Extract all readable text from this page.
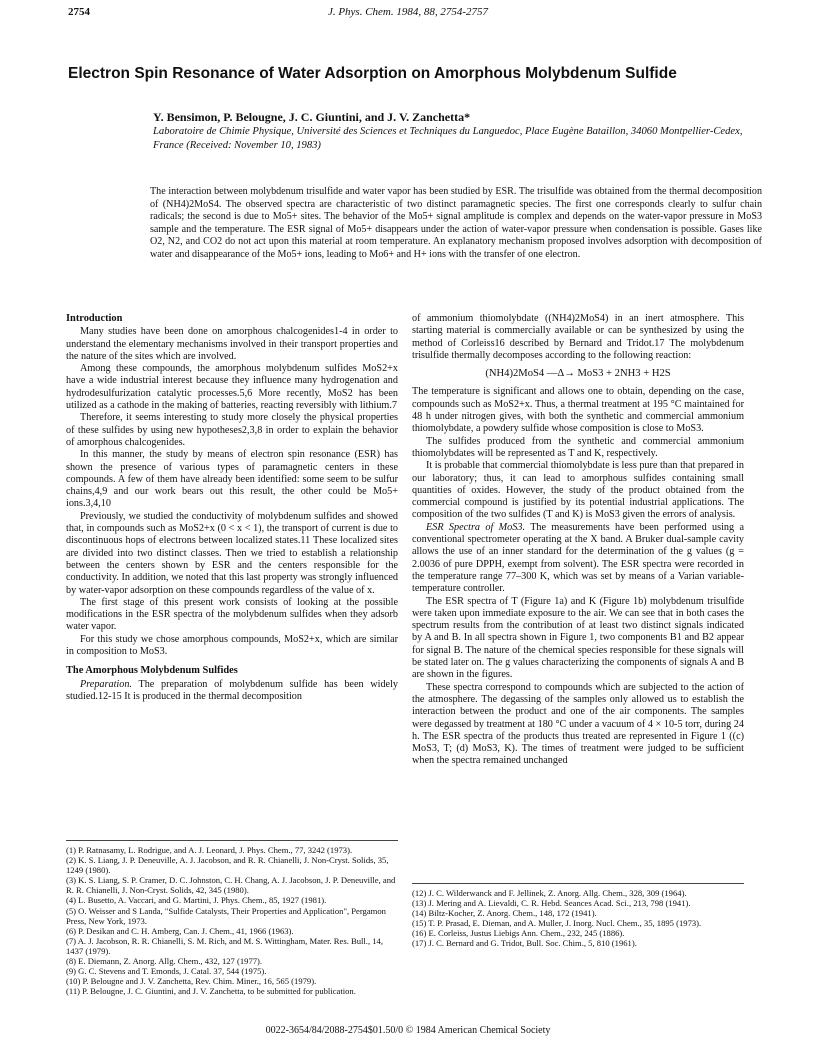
2754	J. Phys. Chem. 1984, 88, 2754-2757
Electron Spin Resonance of Water Adsorption on Amorphous Molybdenum Sulfide
Y. Bensimon, P. Belougne, J. C. Giuntini, and J. V. Zanchetta*
Laboratoire de Chimie Physique, Université des Sciences et Techniques du Languedoc, Place Eugène Bataillon, 34060 Montpellier-Cedex, France (Received: November 10, 1983)
The interaction between molybdenum trisulfide and water vapor has been studied by ESR. The trisulfide was obtained from the thermal decomposition of (NH4)2MoS4. The observed spectra are characteristic of two distinct paramagnetic species. The first one corresponds clearly to sulfur chain radicals; the second is due to Mo5+ sites. The behavior of the Mo5+ signal amplitude is complex and depends on the water-vapor pressure in MoS3 sample and the temperature. The ESR signal of Mo5+ disappears under the action of water-vapor pressure when condensation is possible. Gases like O2, N2, and CO2 do not act upon this material at room temperature. An explanatory mechanism proposed involves adsorption with decomposition of water and disappearance of the Mo5+ ions, leading to Mo6+ and H+ ions with the transfer of one electron.
Introduction

Many studies have been done on amorphous chalcogenides1-4 in order to understand the elementary mechanisms involved in their transport properties and the nature of the sites which are involved.

Among these compounds, the amorphous molybdenum sulfides MoS2+x have a wide industrial interest because they influence many hydrogenation and hydrodesulfurization catalytic processes.5,6 More recently, MoS2 has been utilized as a cathode in the making of batteries, reacting reversibly with lithium.7

Therefore, it seems interesting to study more closely the physical properties of these sulfides by using new hypotheses2,3,8 in order to explain the behavior of amorphous chalcogenides.

In this manner, the study by means of electron spin resonance (ESR) has shown the presence of various types of paramagnetic centers in these compounds. A few of them have already been identified: some seem to be sulfur chains,4,9 and our work bears out this result, the other could be Mo5+ ions.3,4,10

Previously, we studied the conductivity of molybdenum sulfides and showed that, in compounds such as MoS2+x (0 < x < 1), the transport of current is due to discontinuous hops of electrons between localized states.11 These localized sites are divided into two distinct classes. Then we tried to establish a relationship between the centers shown by ESR and the centers responsible for the conductivity. In addition, we noted that this last property was strongly influenced by water-vapor adsorption on these compounds regardless of the value of x.

The first stage of this present work consists of looking at the possible modifications in the ESR spectra of the molybdenum sulfides when they adsorb water vapor.

For this study we chose amorphous compounds, MoS2+x, which are similar in composition to MoS3.

The Amorphous Molybdenum Sulfides

Preparation. The preparation of molybdenum sulfide has been widely studied.12-15 It is produced in the thermal decomposition

(1) P. Ratnasamy, L. Rodrigue, and A. J. Leonard, J. Phys. Chem., 77, 3242 (1973).
(2) K. S. Liang, J. P. Deneuville, A. J. Jacobson, and R. R. Chianelli, J. Non-Cryst. Solids, 35, 1249 (1980).
(3) K. S. Liang, S. P. Cramer, D. C. Johnston, C. H. Chang, A. J. Jacobson, J. P. Deneuville, and R. R. Chianelli, J. Non-Cryst. Solids, 42, 345 (1980).
(4) L. Busetto, A. Vaccari, and G. Martini, J. Phys. Chem., 85, 1927 (1981).
(5) O. Weisser and S Landa, "Sulfide Catalysts, Their Properties and Application", Pergamon Press, New York, 1973.
(6) P. Desikan and C. H. Amberg, Can. J. Chem., 41, 1966 (1963).
(7) A. J. Jacobson, R. R. Chianelli, S. M. Rich, and M. S. Wittingham, Mater. Res. Bull., 14, 1437 (1979).
(8) E. Diemann, Z. Anorg. Allg. Chem., 432, 127 (1977).
(9) G. C. Stevens and T. Emonds, J. Catal. 37, 544 (1975).
(10) P. Belougne and J. V. Zanchetta, Rev. Chim. Miner., 16, 565 (1979).
(11) P. Belougne, J. C. Giuntini, and J. V. Zanchetta, to be submitted for publication.

of ammonium thiomolybdate ((NH4)2MoS4) in an inert atmosphere. This starting material is commercially available or can be synthesized by using the method of Corleiss16 described by Bernard and Tridot.17 The molybdenum trisulfide thermally decomposes according to the following reaction:

(NH4)2MoS4 —Δ→ MoS3 + 2NH3 + H2S

The temperature is significant and allows one to obtain, depending on the case, compounds such as MoS2+x. Thus, a thermal treatment at 195 °C maintained for 48 h under nitrogen gives, with both the synthetic and commercial ammonium thiomolybdate, a powdery sulfide whose composition is close to MoS3.

The sulfides produced from the synthetic and commercial ammonium thiomolybdates will be represented as T and K, respectively.

It is probable that commercial thiomolybdate is less pure than that prepared in our laboratory; thus, it can lead to amorphous sulfides containing small quantities of oxides. However, the study of the product obtained from the commercial compound is justified by its potential industrial applications. The composition of the two sulfides (T and K) is MoS3 given the errors of analysis.

ESR Spectra of MoS3. The measurements have been performed using a conventional spectrometer operating at the X band. A Bruker dual-sample cavity allows the use of an inner standard for the determination of the g values (g = 2.0036 of pure DPPH, exempt from solvent). The ESR spectra were recorded in the temperature range 77–300 K, which was set by means of a Varian variable-temperature controller.

The ESR spectra of T (Figure 1a) and K (Figure 1b) molybdenum trisulfide were taken upon immediate exposure to the air. We can see that in both cases the spectrum results from the contribution of at least two distinct signals indicated by A and B. In all spectra shown in Figure 1, two components B1 and B2 appear for signal B. The nature of the chemical species responsible for these signals will be stated later on. The g values characterizing the components of signals A and B are shown in the figures.

These spectra correspond to compounds which are subjected to the action of the atmosphere. The degassing of the samples only allowed us to establish the interaction between the product and one of the air components. The samples were degassed by treatment at 180 °C under a vacuum of 4 × 10-5 torr, during 24 h. The ESR spectra of the products thus treated are represented in Figure 1 ((c) MoS3, T; (d) MoS3, K). The times of treatment were judged to be sufficient when the spectra remained unchanged

(12) J. C. Wilderwanck and F. Jellinek, Z. Anorg. Allg. Chem., 328, 309 (1964).
(13) J. Mering and A. Lievaldi, C. R. Hebd. Seances Acad. Sci., 213, 798 (1941).
(14) Biltz-Kocher, Z. Anorg. Chem., 148, 172 (1941).
(15) T. P. Prasad, E. Dieman, and A. Muller, J. Inorg. Nucl. Chem., 35, 1895 (1973).
(16) E. Corleiss, Justus Liebigs Ann. Chem., 232, 245 (1886).
(17) J. C. Bernard and G. Tridot, Bull. Soc. Chim., 5, 810 (1961).
0022-3654/84/2088-2754$01.50/0 © 1984 American Chemical Society
